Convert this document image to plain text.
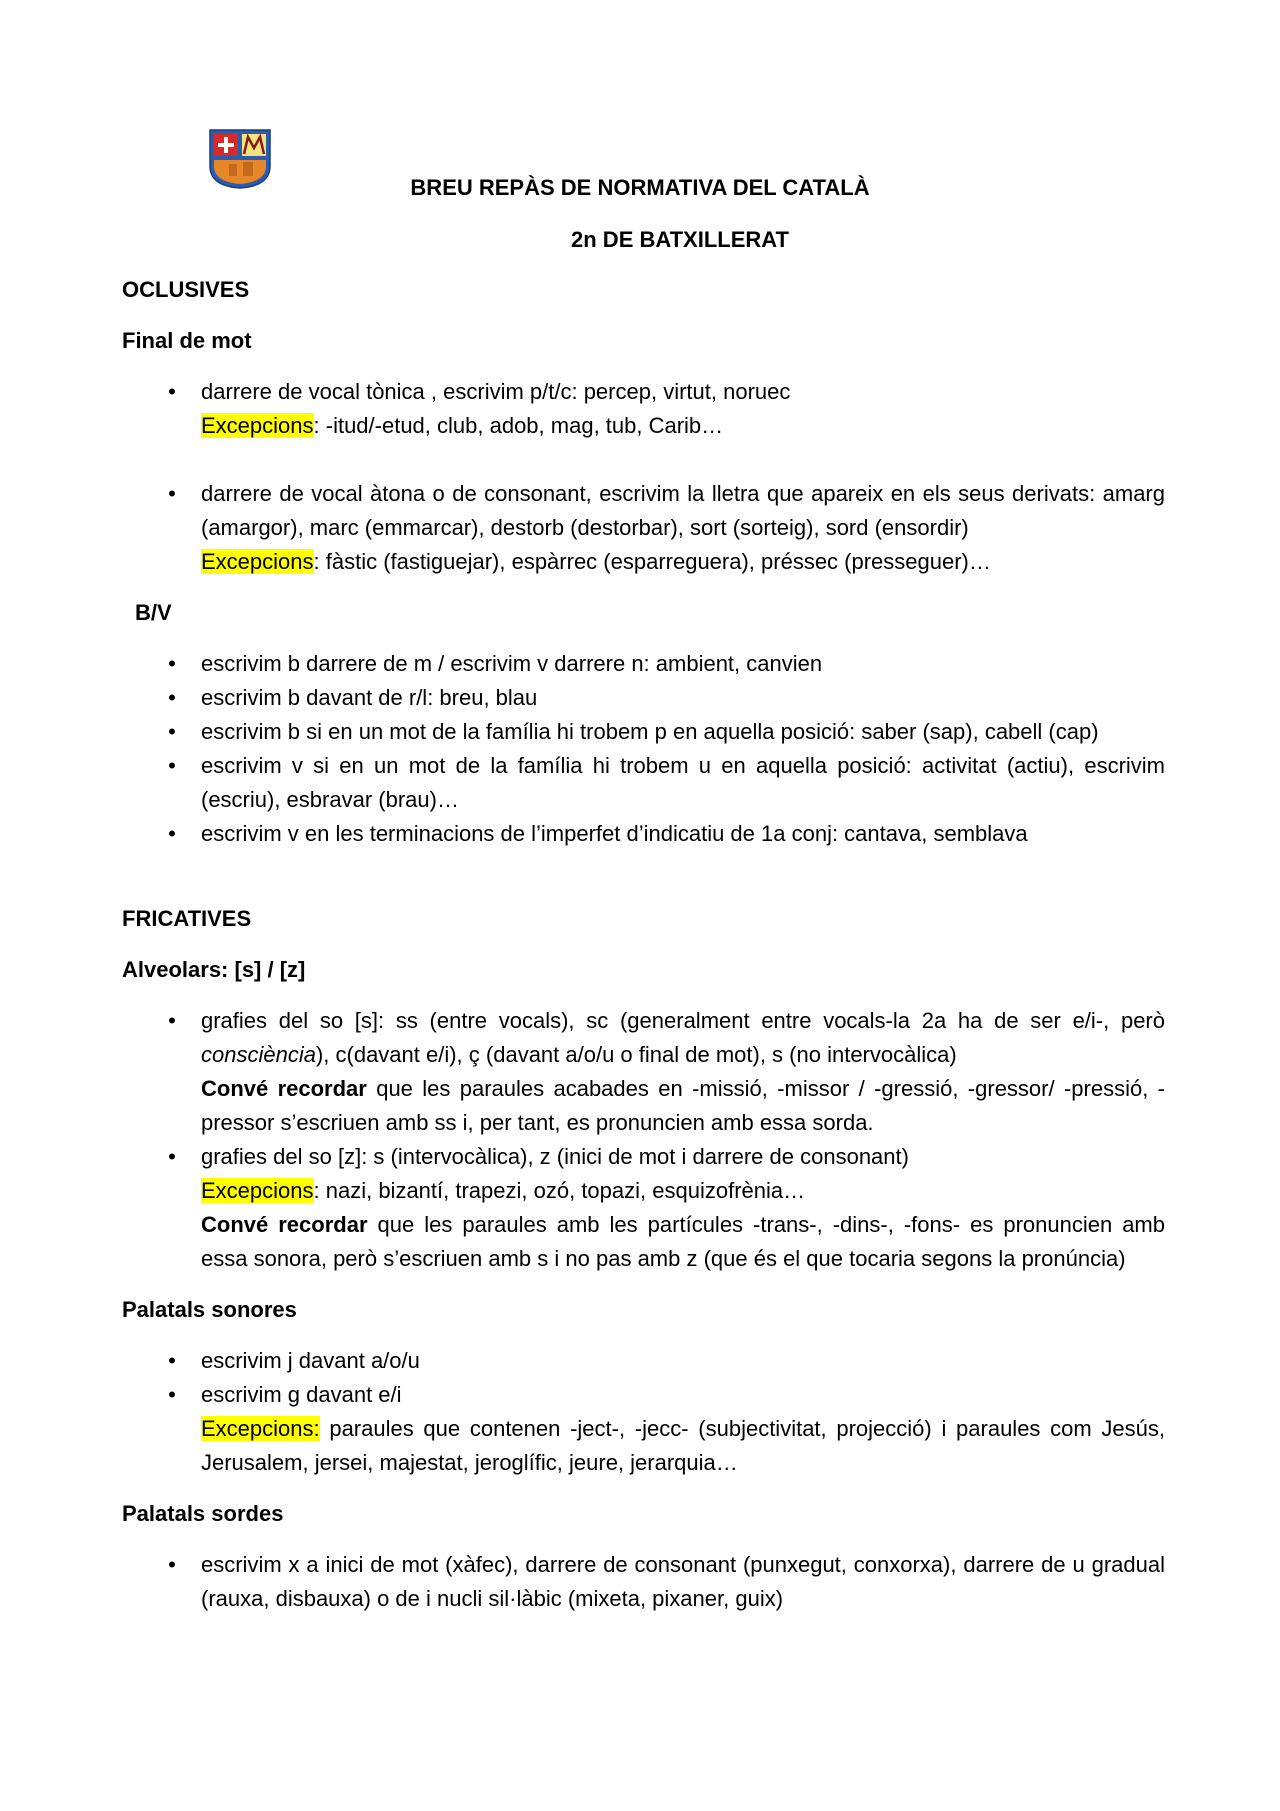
BREU REPÀS DE NORMATIVA DEL CATALÀ
2n DE BATXILLERAT

OCLUSIVES

Final de mot

• darrere de vocal tònica , escrivim p/t/c: percep, virtut, noruec
Excepcions: -itud/-etud, club, adob, mag, tub, Carib…
• darrere de vocal àtona o de consonant, escrivim la lletra que apareix en els seus derivats: amarg (amargor), marc (emmarcar), destorb (destorbar), sort (sorteig), sord (ensordir)
Excepcions: fàstic (fastiguejar), espàrrec (esparreguera), préssec (presseguer)…

B/V

• escrivim b darrere de m / escrivim v darrere n: ambient, canvien
• escrivim b davant de r/l: breu, blau
• escrivim b si en un mot de la família hi trobem p en aquella posició: saber (sap), cabell (cap)
• escrivim v si en un mot de la família hi trobem u en aquella posició: activitat (actiu), escrivim (escriu), esbravar (brau)…
• escrivim v en les terminacions de l’imperfet d’indicatiu de 1a conj: cantava, semblava

FRICATIVES

Alveolars: [s] / [z]

• grafies del so [s]: ss (entre vocals), sc (generalment entre vocals-la 2a ha de ser e/i-, però consciència), c(davant e/i), ç (davant a/o/u o final de mot), s (no intervocàlica)
Convé recordar que les paraules acabades en -missió, -missor / -gressió, -gressor/ -pressió, -pressor s’escriuen amb ss i, per tant, es pronuncien amb essa sorda.
• grafies del so [z]: s (intervocàlica), z (inici de mot i darrere de consonant)
Excepcions: nazi, bizantí, trapezi, ozó, topazi, esquizofrènia…
Convé recordar que les paraules amb les partícules -trans-, -dins-, -fons- es pronuncien amb essa sonora, però s’escriuen amb s i no pas amb z (que és el que tocaria segons la pronúncia)

Palatals sonores

• escrivim j davant a/o/u
• escrivim g davant e/i
Excepcions: paraules que contenen -ject-, -jecc- (subjectivitat, projecció) i paraules com Jesús, Jerusalem, jersei, majestat, jeroglífic, jeure, jerarquia…

Palatals sordes

• escrivim x a inici de mot (xàfec), darrere de consonant (punxegut, conxorxa), darrere de u gradual (rauxa, disbauxa) o de i nucli sil·làbic (mixeta, pixaner, guix)
